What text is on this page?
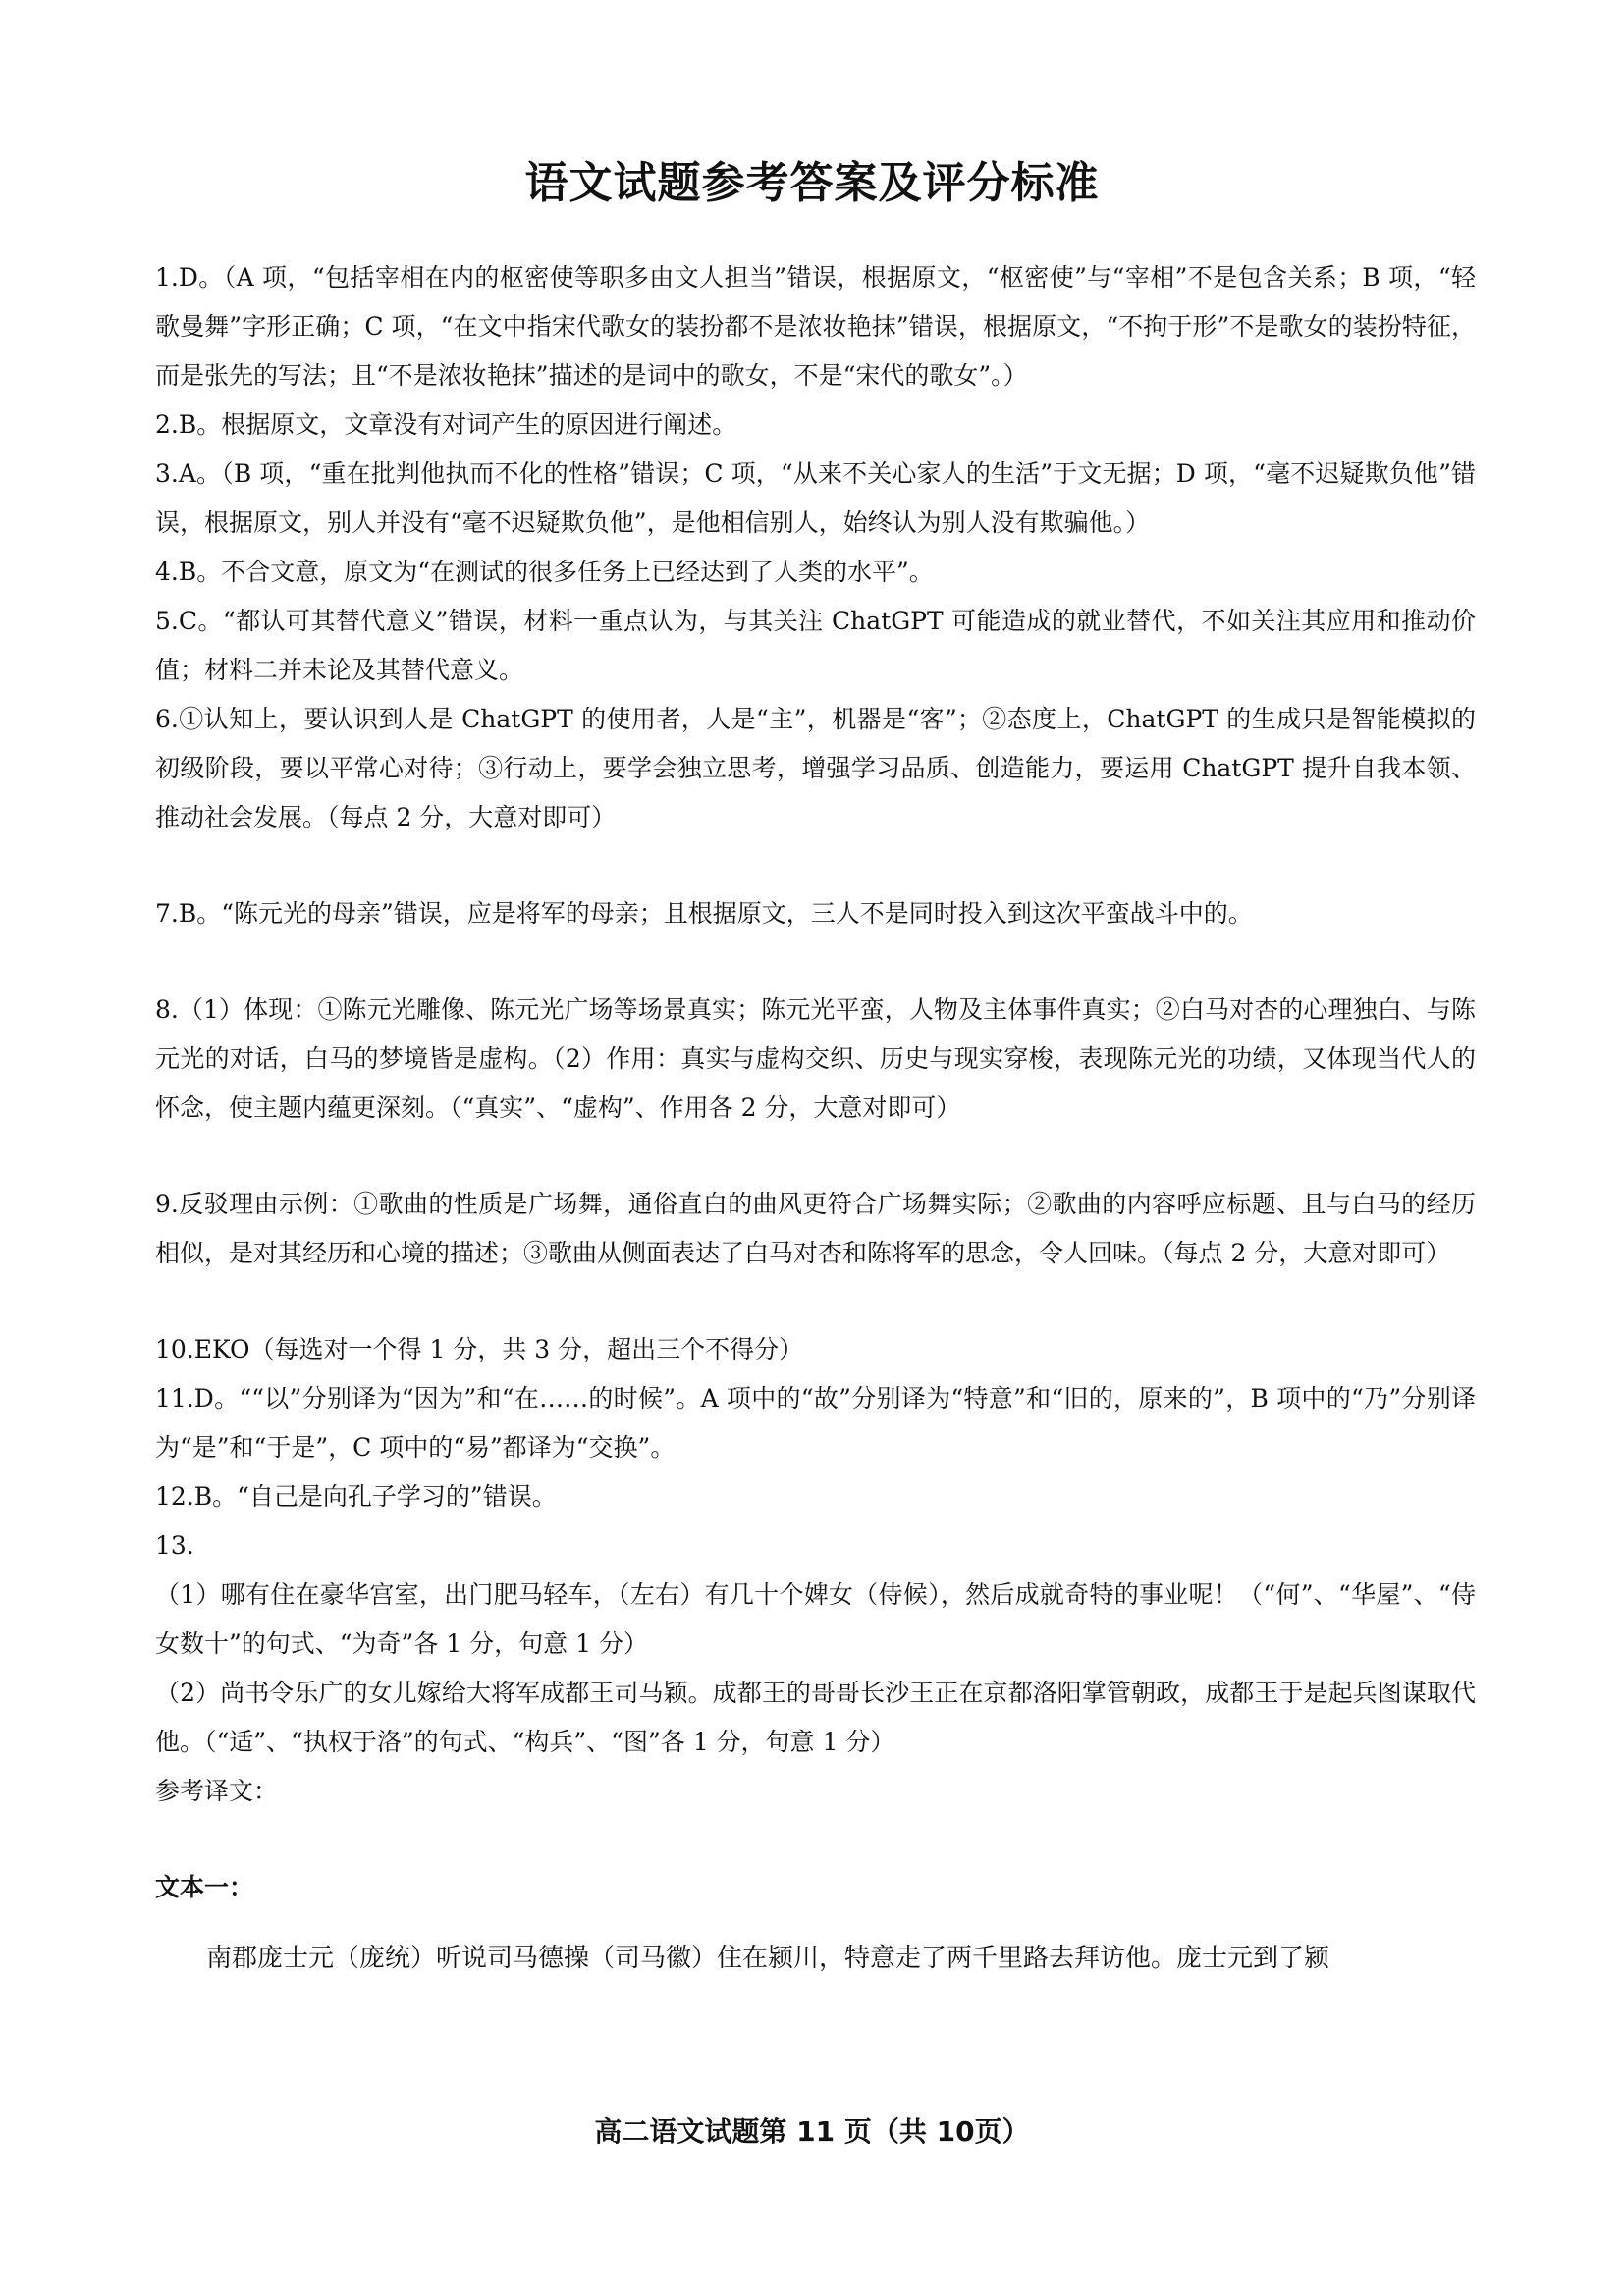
语文试题参考答案及评分标准

1.D。（A 项，“包括宰相在内的枢密使等职多由文人担当”错误，根据原文，“枢密使”与“宰相”不是包含关系；B 项，“轻歌曼舞”字形正确；C 项，“在文中指宋代歌女的装扮都不是浓妆艳抹”错误，根据原文，“不拘于形”不是歌女的装扮特征，而是张先的写法；且“不是浓妆艳抹”描述的是词中的歌女，不是“宋代的歌女”。）

2.B。根据原文，文章没有对词产生的原因进行阐述。

3.A。（B 项，“重在批判他执而不化的性格”错误；C 项，“从来不关心家人的生活”于文无据；D 项，“毫不迟疑欺负他”错误，根据原文，别人并没有“毫不迟疑欺负他”，是他相信别人，始终认为别人没有欺骗他。）

4.B。不合文意，原文为“在测试的很多任务上已经达到了人类的水平”。

5.C。“都认可其替代意义”错误，材料一重点认为，与其关注 ChatGPT 可能造成的就业替代，不如关注其应用和推动价值；材料二并未论及其替代意义。

6.①认知上，要认识到人是 ChatGPT 的使用者，人是“主”，机器是“客”；②态度上，ChatGPT 的生成只是智能模拟的初级阶段，要以平常心对待；③行动上，要学会独立思考，增强学习品质、创造能力，要运用 ChatGPT 提升自我本领、推动社会发展。（每点 2 分，大意对即可）

7.B。“陈元光的母亲”错误，应是将军的母亲；且根据原文，三人不是同时投入到这次平蛮战斗中的。

8.（1）体现：①陈元光雕像、陈元光广场等场景真实；陈元光平蛮，人物及主体事件真实；②白马对杏的心理独白、与陈元光的对话，白马的梦境皆是虚构。（2）作用：真实与虚构交织、历史与现实穿梭，表现陈元光的功绩，又体现当代人的怀念，使主题内蕴更深刻。（“真实”、“虚构”、作用各 2 分，大意对即可）

9.反驳理由示例：①歌曲的性质是广场舞，通俗直白的曲风更符合广场舞实际；②歌曲的内容呼应标题、且与白马的经历相似，是对其经历和心境的描述；③歌曲从侧面表达了白马对杏和陈将军的思念，令人回味。（每点 2 分，大意对即可）

10.EKO（每选对一个得 1 分，共 3 分，超出三个不得分）

11.D。““以”分别译为“因为”和“在……的时候”。A 项中的“故”分别译为“特意”和“旧的，原来的”，B 项中的“乃”分别译为“是”和“于是”，C 项中的“易”都译为“交换”。

12.B。“自己是向孔子学习的”错误。

13.

（1）哪有住在豪华宫室，出门肥马轻车，（左右）有几十个婢女（侍候），然后成就奇特的事业呢！（“何”、“华屋”、“侍女数十”的句式、“为奇”各 1 分，句意 1 分）

（2）尚书令乐广的女儿嫁给大将军成都王司马颖。成都王的哥哥长沙王正在京都洛阳掌管朝政，成都王于是起兵图谋取代他。（“适”、“执权于洛”的句式、“构兵”、“图”各 1 分，句意 1 分）

参考译文：

文本一：

南郡庞士元（庞统）听说司马德操（司马徽）住在颍川，特意走了两千里路去拜访他。庞士元到了颍

高二语文试题第 11 页（共 10页）
